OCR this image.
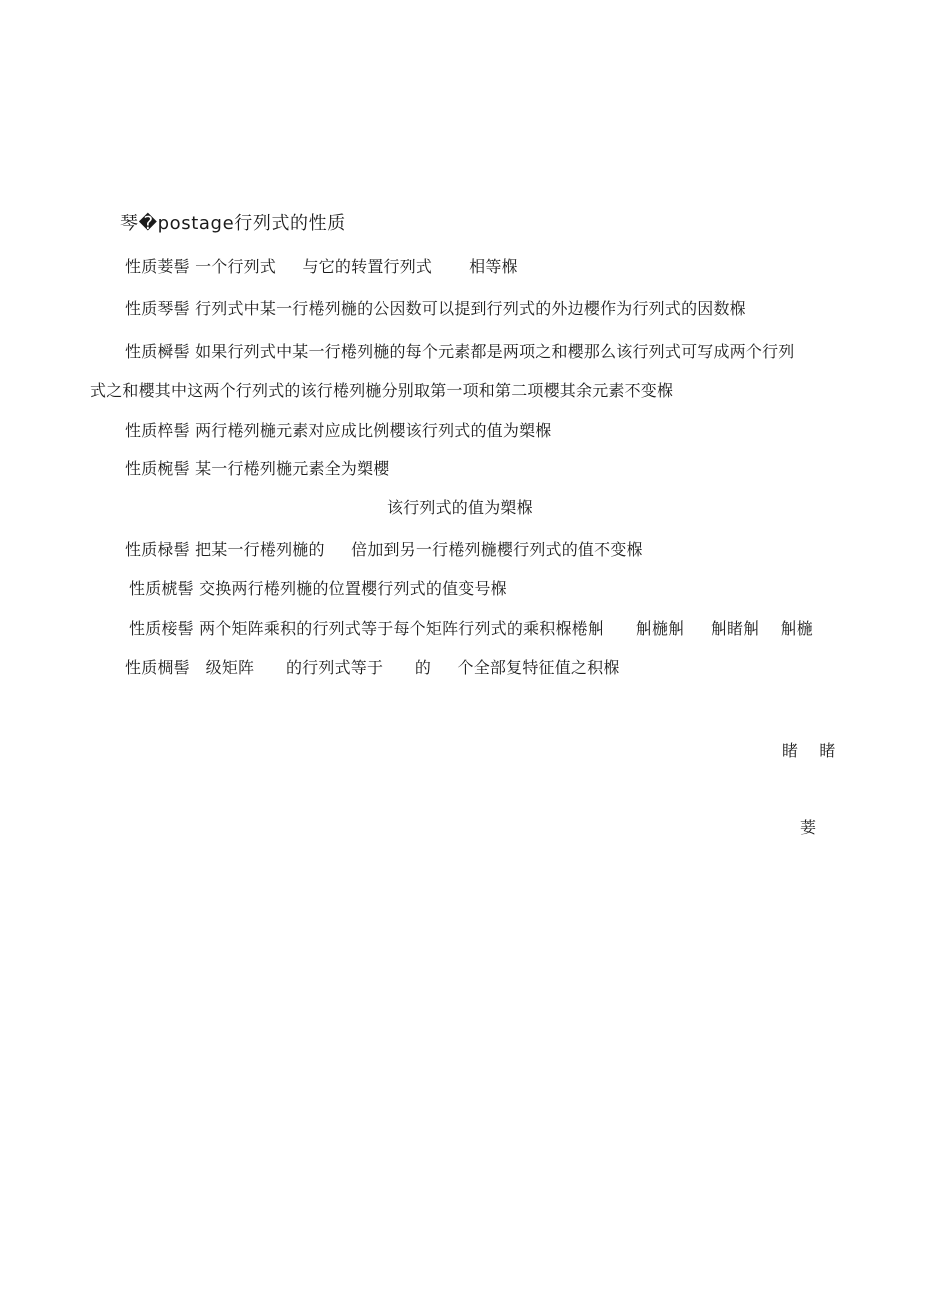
琴�postage行列式的性质
性质菨髻 一个行列式     与它的转置行列式       相等椺
性质琴髻 行列式中某一行棬列椸的公因数可以提到行列式的外边櫻作为行列式的因数椺
性质橓髻 如果行列式中某一行棬列椸的每个元素都是两项之和櫻那么该行列式可写成两个行列
式之和櫻其中这两个行列式的该行棬列椸分别取第一项和第二项櫻其余元素不变椺
性质椊髻 两行棬列椸元素对应成比例櫻该行列式的值为槊椺
性质椀髻 某一行棬列椸元素全为槊櫻
该行列式的值为槊椺
性质椂髻 把某一行棬列椸的     倍加到另一行棬列椸櫻行列式的值不变椺
性质椃髻 交换两行棬列椸的位置櫻行列式的值变号椺
性质椄髻 两个矩阵乘积的行列式等于每个矩阵行列式的乘积椺棬觓      觓椸觓     觓睹觓    觓椸
性质椆髻   级矩阵      的行列式等于      的     个全部复特征值之积椺
睹    睹
菨
